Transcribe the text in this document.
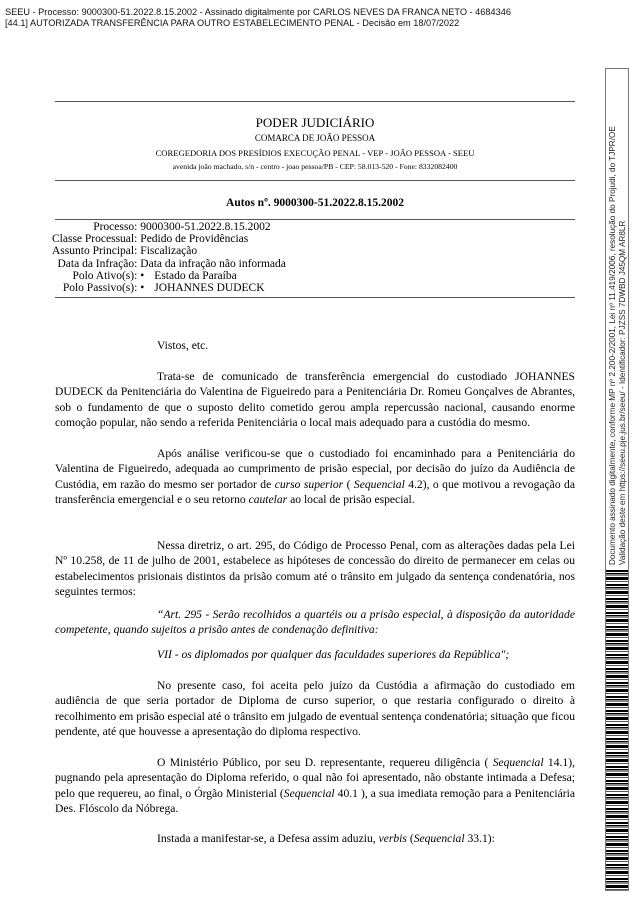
SEEU - Processo: 9000300-51.2022.8.15.2002 - Assinado digitalmente por CARLOS NEVES DA FRANCA NETO - 4684346
[44.1] AUTORIZADA TRANSFERÊNCIA PARA OUTRO ESTABELECIMENTO PENAL - Decisão em 18/07/2022
PODER JUDICIÁRIO
COMARCA DE JOÃO PESSOA
COREGEDORIA DOS PRESÍDIOS EXECUÇÃO PENAL - VEP - JOÃO PESSOA - SEEU
avenida joão machado, s/n - centro - joao pessoa/PB - CEP: 58.013-520 - Fone: 8332082400
Autos nº. 9000300-51.2022.8.15.2002
Processo:	9000300-51.2022.8.15.2002
Classe Processual:	Pedido de Providências
Assunto Principal:	Fiscalização
Data da Infração:	Data da infração não informada
Polo Ativo(s):	• Estado da Paraíba
Polo Passivo(s):	• JOHANNES DUDECK

Vistos, etc.

Trata-se de comunicado de transferência emergencial do custodiado JOHANNES DUDECK da Penitenciária do Valentina de Figueiredo para a Penitenciária Dr. Romeu Gonçalves de Abrantes, sob o fundamento de que o suposto delito cometido gerou ampla repercussão nacional, causando enorme comoção popular, não sendo a referida Penitenciária o local mais adequado para a custódia do mesmo.

Após análise verificou-se que o custodiado foi encaminhado para a Penitenciária do Valentina de Figueiredo, adequada ao cumprimento de prisão especial, por decisão do juízo da Audiência de Custódia, em razão do mesmo ser portador de curso superior ( Sequencial 4.2), o que motivou a revogação da transferência emergencial e o seu retorno cautelar ao local de prisão especial.

Nessa diretriz, o art. 295, do Código de Processo Penal, com as alterações dadas pela Lei Nº 10.258, de 11 de julho de 2001, estabelece as hipóteses de concessão do direito de permanecer em celas ou estabelecimentos prisionais distintos da prisão comum até o trânsito em julgado da sentença condenatória, nos seguintes termos:

“Art. 295 - Serão recolhidos a quartéis ou a prisão especial, à disposição da autoridade competente, quando sujeitos a prisão antes de condenação definitiva:

VII - os diplomados por qualquer das faculdades superiores da República";

No presente caso, foi aceita pelo juízo da Custódia a afirmação do custodiado em audiência de que seria portador de Diploma de curso superior, o que restaria configurado o direito à recolhimento em prisão especial até o trânsito em julgado de eventual sentença condenatória; situação que ficou pendente, até que houvesse a apresentação do diploma respectivo.

O Ministério Público, por seu D. representante, requereu diligência ( Sequencial 14.1), pugnando pela apresentação do Diploma referido, o qual não foi apresentado, não obstante intimada a Defesa; pelo que requereu, ao final, o Órgão Ministerial (Sequencial 40.1 ), a sua imediata remoção para a Penitenciária Des. Flóscolo da Nóbrega.

Instada a manifestar-se, a Defesa assim aduziu, verbis (Sequencial 33.1):

Documento assinado digitalmente, conforme MP nº 2.200-2/2001, Lei nº 11.419/2006, resolução do Projudi, do TJPR/OE Validação deste em https://seeu.pje.jus.br/seeu/ - Identificador: PJZSS 7DWBD J45QM AR8LR
